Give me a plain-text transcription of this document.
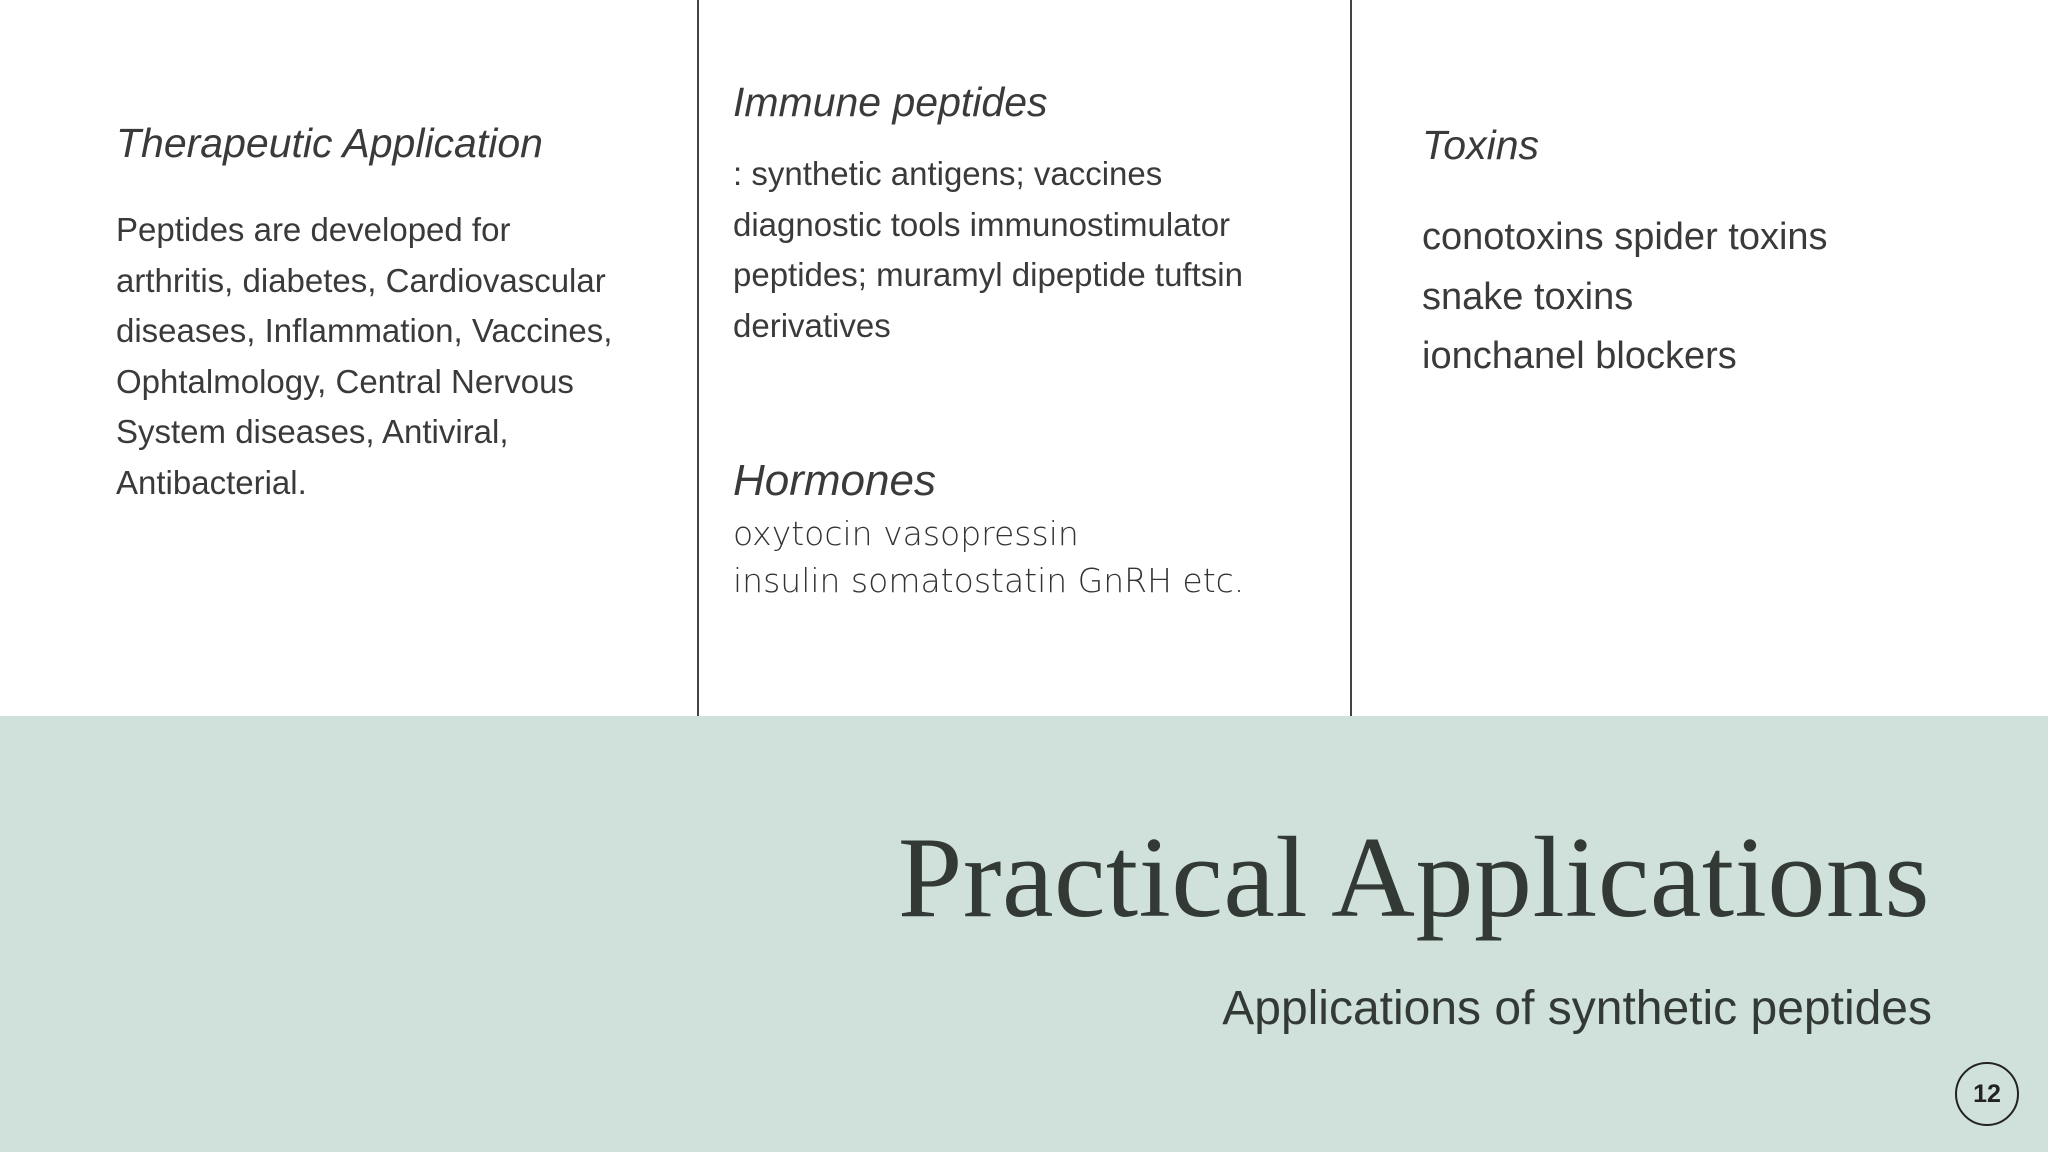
Therapeutic Application
Peptides are developed for
arthritis, diabetes, Cardiovascular
diseases, Inflammation, Vaccines,
Ophtalmology, Central Nervous
System diseases, Antiviral,
Antibacterial.
Immune peptides
: synthetic antigens; vaccines
diagnostic tools immunostimulator
peptides; muramyl dipeptide tuftsin
derivatives
Hormones
oxytocin vasopressin
insulin somatostatin GnRH etc.
Toxins
conotoxins spider toxins
snake toxins
ionchanel blockers
Practical Applications
Applications of synthetic peptides
12
